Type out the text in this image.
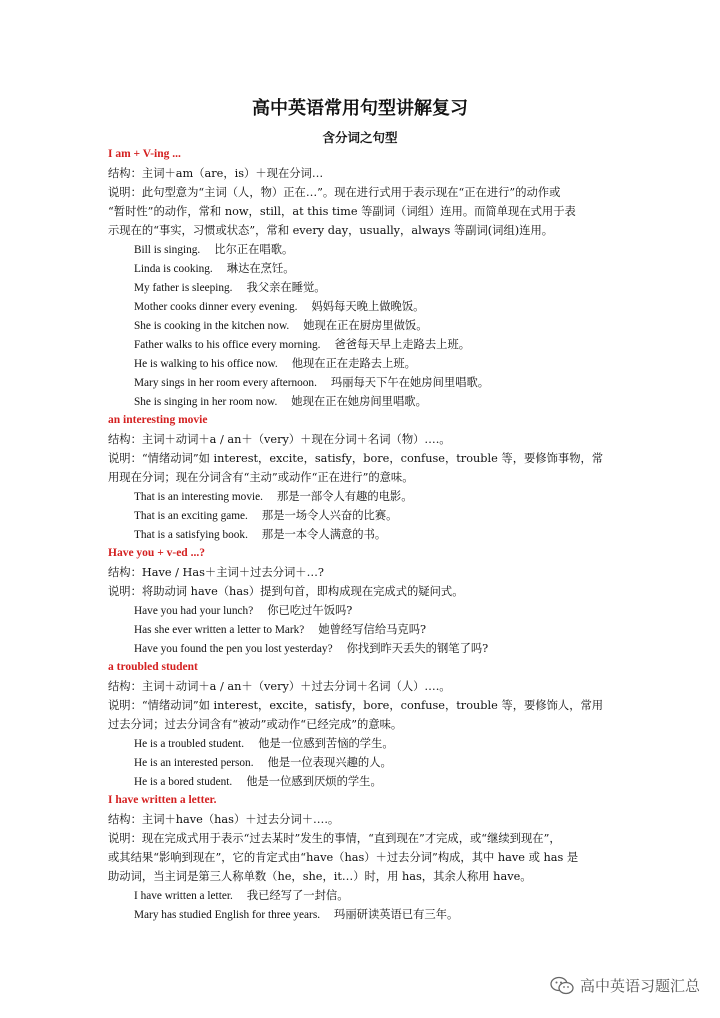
高中英语常用句型讲解复习
含分词之句型
I am + V-ing ...
结构：主词＋am（are，is）＋现在分词…
说明：此句型意为“主词（人，物）正在…”。现在进行式用于表示现在“正在进行”的动作或
“暂时性”的动作，常和 now，still，at this time 等副词（词组）连用。而简单现在式用于表
示现在的“事实，习惯或状态”，常和 every day，usually，always 等副词(词组)连用。
Bill is singing. 比尔正在唱歌。
Linda is cooking. 琳达在烹饪。
My father is sleeping. 我父亲在睡觉。
Mother cooks dinner every evening. 妈妈每天晚上做晚饭。
She is cooking in the kitchen now. 她现在正在厨房里做饭。
Father walks to his office every morning. 爸爸每天早上走路去上班。
He is walking to his office now. 他现在正在走路去上班。
Mary sings in her room every afternoon. 玛丽每天下午在她房间里唱歌。
She is singing in her room now. 她现在正在她房间里唱歌。
an interesting movie
结构：主词＋动词＋a / an＋（very）＋现在分词＋名词（物）….。
说明：“情绪动词”如 interest，excite，satisfy，bore，confuse，trouble 等，要修饰事物，常
用现在分词；现在分词含有“主动”或动作“正在进行”的意味。
That is an interesting movie. 那是一部令人有趣的电影。
That is an exciting game. 那是一场令人兴奋的比赛。
That is a satisfying book. 那是一本令人满意的书。
Have you + v-ed ...?
结构：Have / Has＋主词＋过去分词＋…?
说明：将助动词 have（has）提到句首，即构成现在完成式的疑问式。
Have you had your lunch? 你已吃过午饭吗?
Has she ever written a letter to Mark? 她曾经写信给马克吗?
Have you found the pen you lost yesterday? 你找到昨天丢失的钢笔了吗?
a troubled student
结构：主词＋动词＋a / an＋（very）＋过去分词＋名词（人）….。
说明：“情绪动词”如 interest，excite，satisfy，bore，confuse，trouble 等，要修饰人，常用
过去分词；过去分词含有“被动”或动作“已经完成”的意味。
He is a troubled student. 他是一位感到苦恼的学生。
He is an interested person. 他是一位表现兴趣的人。
He is a bored student. 他是一位感到厌烦的学生。
I have written a letter.
结构：主词＋have（has）＋过去分词＋….。
说明：现在完成式用于表示“过去某时”发生的事情，“直到现在”才完成，或“继续到现在”，
或其结果“影响到现在”，它的肯定式由“have（has）＋过去分词”构成，其中 have 或 has 是
助动词，当主词是第三人称单数（he，she，it…）时，用 has，其余人称用 have。
I have written a letter. 我已经写了一封信。
Mary has studied English for three years. 玛丽研读英语已有三年。
高中英语习题汇总
